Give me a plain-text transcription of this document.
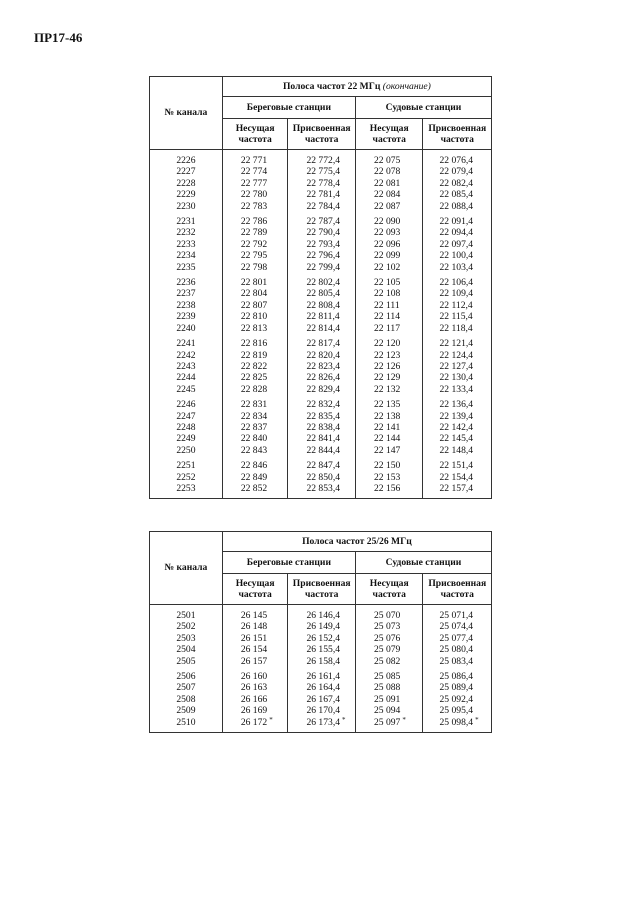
ПР17-46
№ канала	Полоса частот 22 МГц (окончание)			
	Береговые станции		Судовые станции	
	Несущая частота	Присвоенная частота	Несущая частота	Присвоенная частота
2226	22 771	22 772,4	22 075	22 076,4
2227	22 774	22 775,4	22 078	22 079,4
2228	22 777	22 778,4	22 081	22 082,4
2229	22 780	22 781,4	22 084	22 085,4
2230	22 783	22 784,4	22 087	22 088,4
2231	22 786	22 787,4	22 090	22 091,4
2232	22 789	22 790,4	22 093	22 094,4
2233	22 792	22 793,4	22 096	22 097,4
2234	22 795	22 796,4	22 099	22 100,4
2235	22 798	22 799,4	22 102	22 103,4
2236	22 801	22 802,4	22 105	22 106,4
2237	22 804	22 805,4	22 108	22 109,4
2238	22 807	22 808,4	22 111	22 112,4
2239	22 810	22 811,4	22 114	22 115,4
2240	22 813	22 814,4	22 117	22 118,4
2241	22 816	22 817,4	22 120	22 121,4
2242	22 819	22 820,4	22 123	22 124,4
2243	22 822	22 823,4	22 126	22 127,4
2244	22 825	22 826,4	22 129	22 130,4
2245	22 828	22 829,4	22 132	22 133,4
2246	22 831	22 832,4	22 135	22 136,4
2247	22 834	22 835,4	22 138	22 139,4
2248	22 837	22 838,4	22 141	22 142,4
2249	22 840	22 841,4	22 144	22 145,4
2250	22 843	22 844,4	22 147	22 148,4
2251	22 846	22 847,4	22 150	22 151,4
2252	22 849	22 850,4	22 153	22 154,4
2253	22 852	22 853,4	22 156	22 157,4
№ канала	Полоса частот 25/26 МГц			
	Береговые станции		Судовые станции	
	Несущая частота	Присвоенная частота	Несущая частота	Присвоенная частота
2501	26 145	26 146,4	25 070	25 071,4
2502	26 148	26 149,4	25 073	25 074,4
2503	26 151	26 152,4	25 076	25 077,4
2504	26 154	26 155,4	25 079	25 080,4
2505	26 157	26 158,4	25 082	25 083,4
2506	26 160	26 161,4	25 085	25 086,4
2507	26 163	26 164,4	25 088	25 089,4
2508	26 166	26 167,4	25 091	25 092,4
2509	26 169	26 170,4	25 094	25 095,4
2510	26 172 *	26 173,4 *	25 097 *	25 098,4 *
